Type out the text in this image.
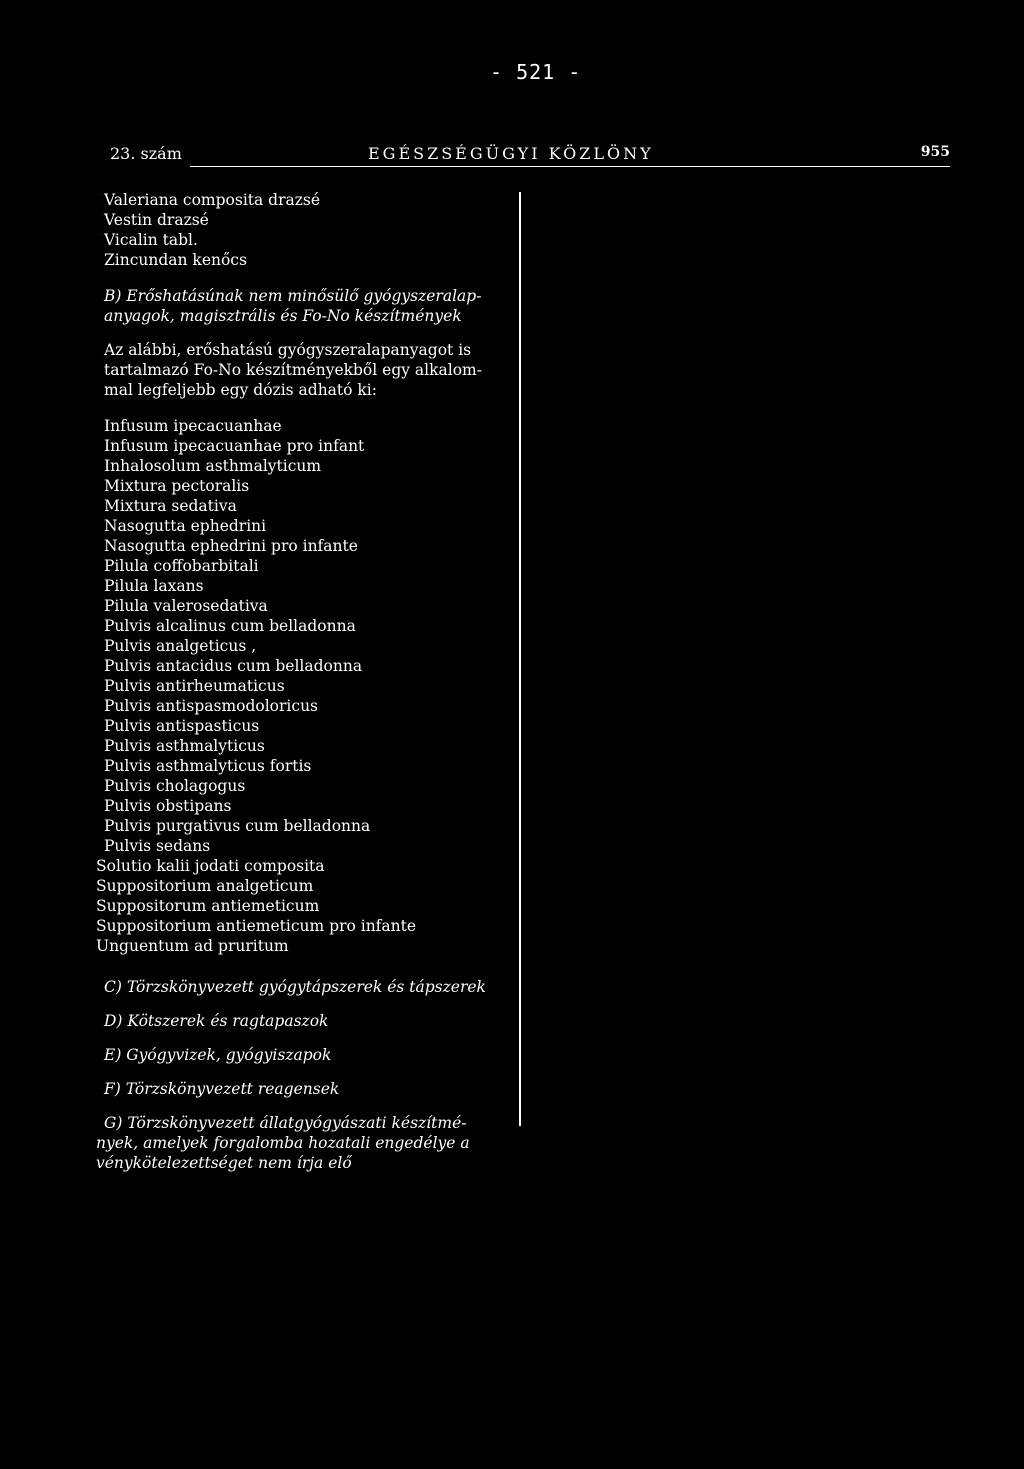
- 521 -
23. szám	EGÉSZSÉGÜGYI KÖZLÖNY	955
Valeriana composita drazsé
Vestin drazsé
Vicalin tabl.
Zincundan kenőcs
B) Erőshatásúnak nem minősülő gyógyszeralap-
anyagok, magisztrális és Fo-No készítmények
Az alábbi, erőshatású gyógyszeralapanyagot is
tartalmazó Fo-No készítményekből egy alkalom-
mal legfeljebb egy dózis adható ki:
Infusum ipecacuanhae
Infusum ipecacuanhae pro infant
Inhalosolum asthmalyticum
Mixtura pectoralis
Mixtura sedativa
Nasogutta ephedrini
Nasogutta ephedrini pro infante
Pilula coffobarbitali
Pilula laxans
Pilula valerosedativa
Pulvis alcalinus cum belladonna
Pulvis analgeticus ,
Pulvis antacidus cum belladonna
Pulvis antirheumaticus
Pulvis antispasmodoloricus
Pulvis antispasticus
Pulvis asthmalyticus
Pulvis asthmalyticus fortis
Pulvis cholagogus
Pulvis obstipans
Pulvis purgativus cum belladonna
Pulvis sedans
Solutio kalii jodati composita
Suppositorium analgeticum
Suppositorum antiemeticum
Suppositorium antiemeticum pro infante
Unguentum ad pruritum
C) Törzskönyvezett gyógytápszerek és tápszerek
D) Kötszerek és ragtapaszok
E) Gyógyvizek, gyógyiszapok
F) Törzskönyvezett reagensek
G) Törzskönyvezett állatgyógyászati készítmé-
nyek, amelyek forgalomba hozatali engedélye a
vénykötelezettséget nem írja elő
